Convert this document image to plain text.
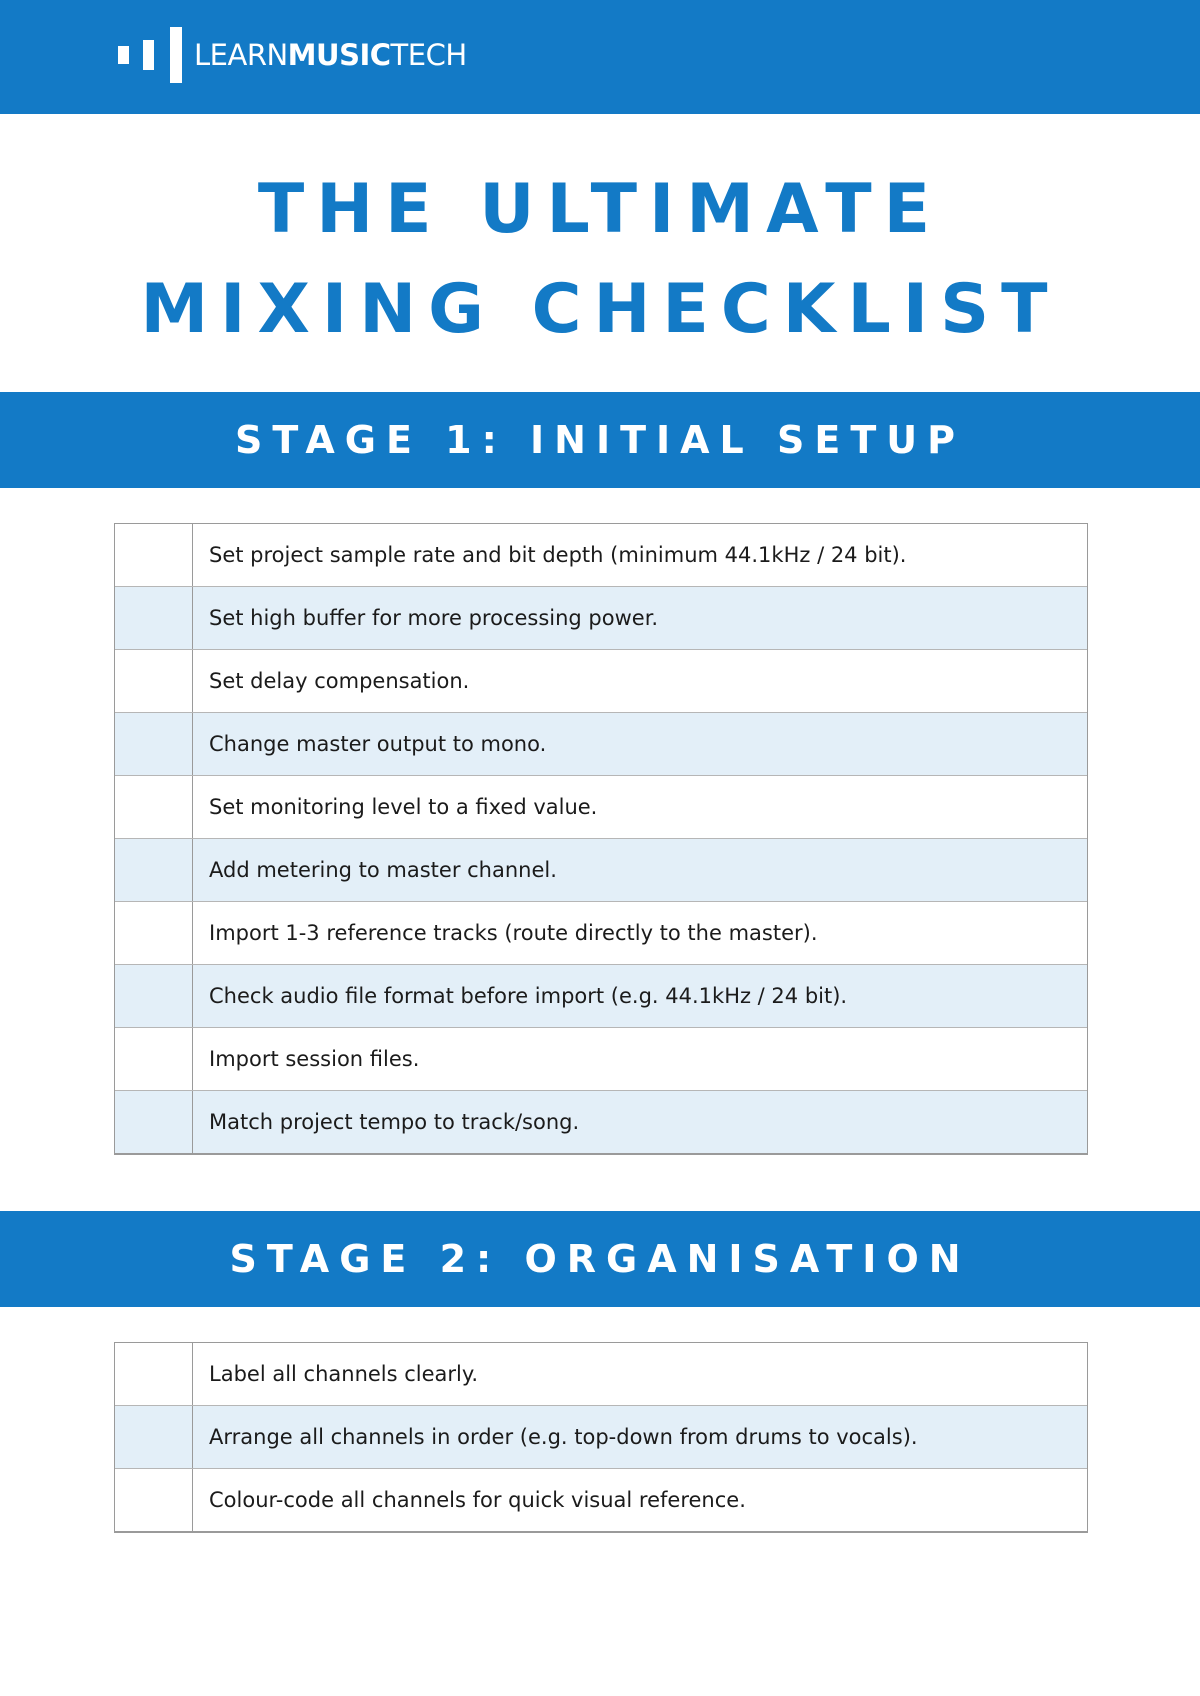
LEARNMUSICTECH
THE ULTIMATE
MIXING CHECKLIST
STAGE 1: INITIAL SETUP
Set project sample rate and bit depth (minimum 44.1kHz / 24 bit).
Set high buffer for more processing power.
Set delay compensation.
Change master output to mono.
Set monitoring level to a fixed value.
Add metering to master channel.
Import 1-3 reference tracks (route directly to the master).
Check audio file format before import (e.g. 44.1kHz / 24 bit).
Import session files.
Match project tempo to track/song.
STAGE 2: ORGANISATION
Label all channels clearly.
Arrange all channels in order (e.g. top-down from drums to vocals).
Colour-code all channels for quick visual reference.
